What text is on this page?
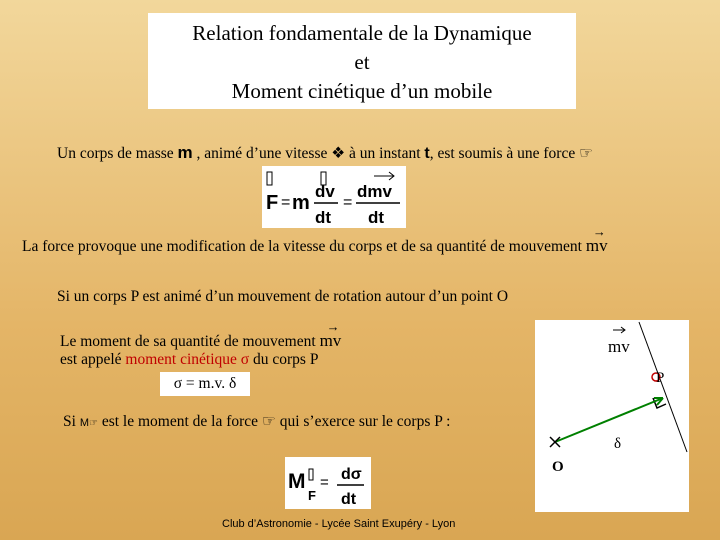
Relation fondamentale de la Dynamique
et
Moment cinétique d’un mobile
Un corps de masse m , animé d’une vitesse ❖ à un instant t, est soumis à une force ☞
F = m
dv
dt
=
dmv
dt
La force provoque une modification de la vitesse du corps et de sa quantité de mouvement
→
mv
Si un corps P est animé d’un mouvement de rotation autour d’un point O
Le moment de sa quantité de mouvement
→
mv
est appelé moment cinétique σ du corps P
σ = m.v. δ
Si M☞ est le moment de la force ☞ qui s’exerce sur le corps P :
M
F
= dσ
dt
mv
P
δ
O
Club d’Astronomie - Lycée Saint Exupéry - Lyon
